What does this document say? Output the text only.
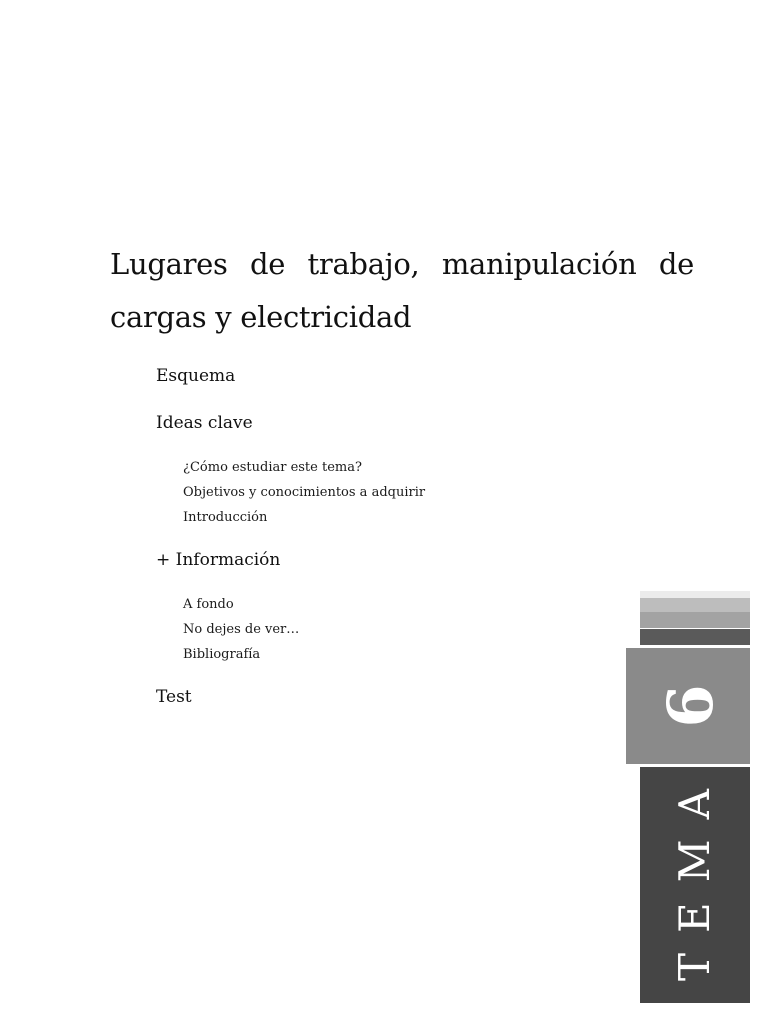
Lugares de trabajo, manipulación de cargas y electricidad
Esquema
Ideas clave
¿Cómo estudiar este tema?
Objetivos y conocimientos a adquirir
Introducción
+ Información
A fondo
No dejes de ver…
Bibliografía
Test	9
TEMA
